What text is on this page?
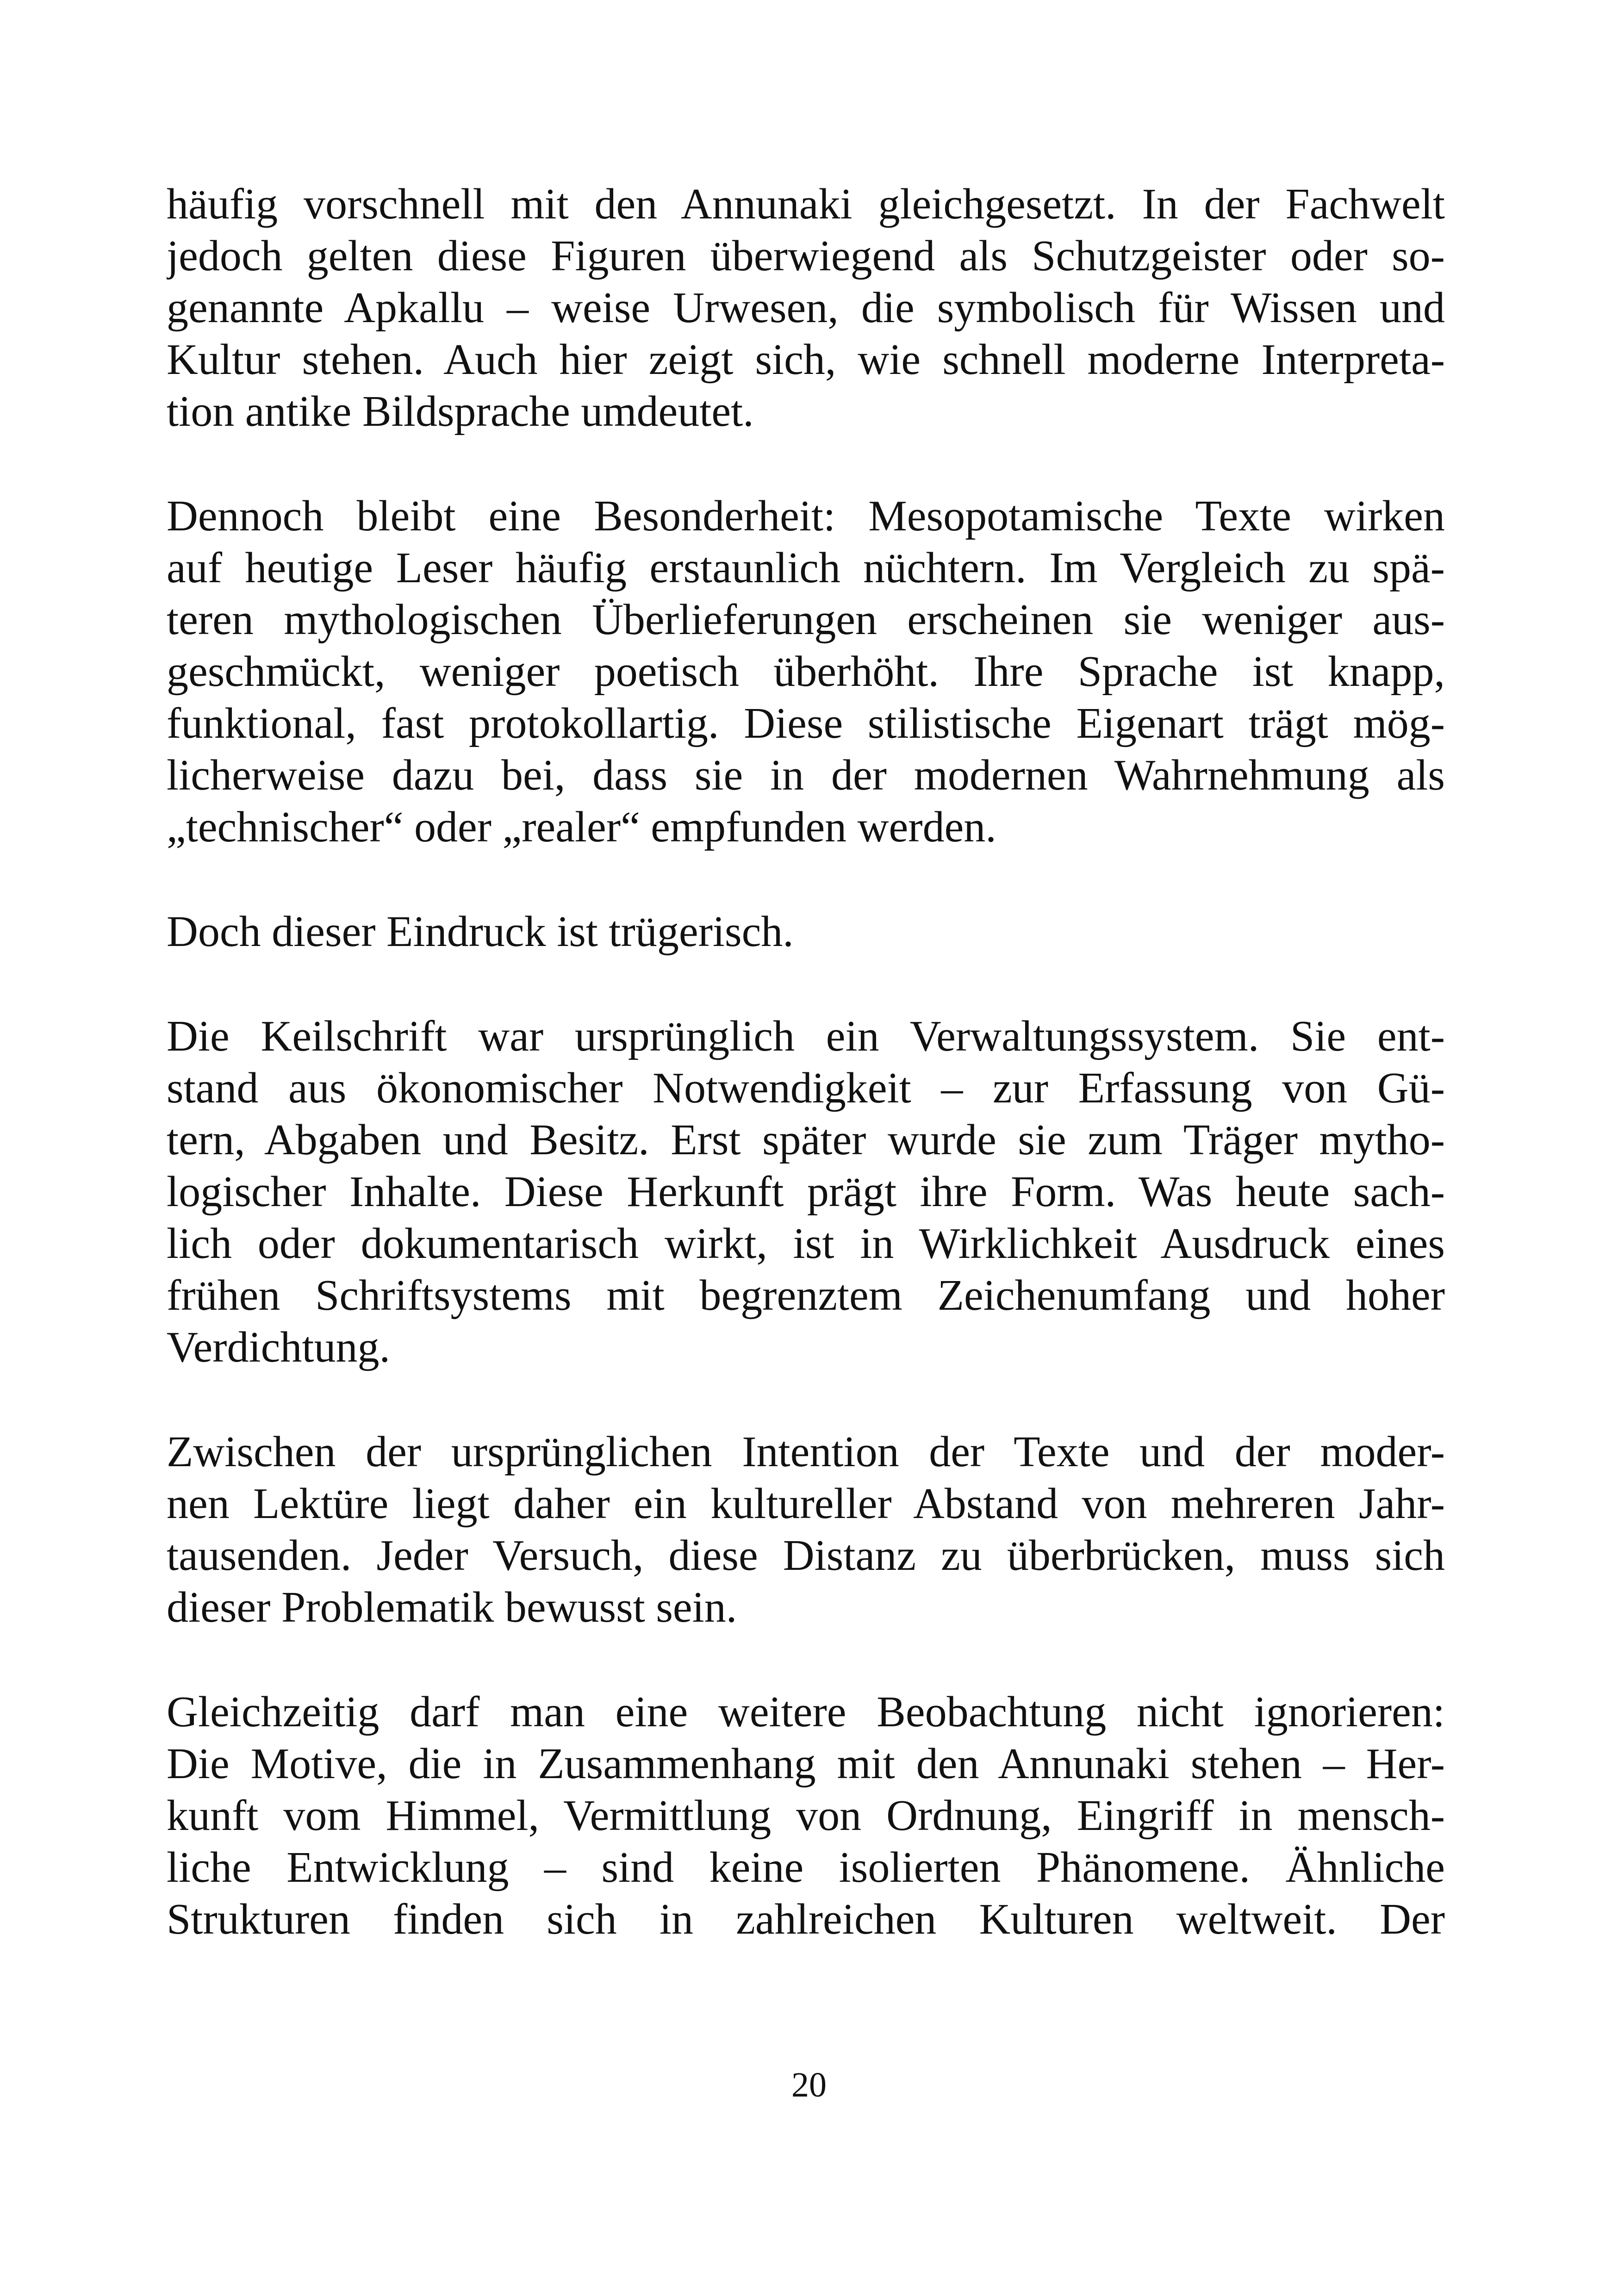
häufig vorschnell mit den Annunaki gleichgesetzt. In der Fachwelt
jedoch gelten diese Figuren überwiegend als Schutzgeister oder so-
genannte Apkallu – weise Urwesen, die symbolisch für Wissen und
Kultur stehen. Auch hier zeigt sich, wie schnell moderne Interpreta-
tion antike Bildsprache umdeutet.

Dennoch bleibt eine Besonderheit: Mesopotamische Texte wirken
auf heutige Leser häufig erstaunlich nüchtern. Im Vergleich zu spä-
teren mythologischen Überlieferungen erscheinen sie weniger aus-
geschmückt, weniger poetisch überhöht. Ihre Sprache ist knapp,
funktional, fast protokollartig. Diese stilistische Eigenart trägt mög-
licherweise dazu bei, dass sie in der modernen Wahrnehmung als
„technischer“ oder „realer“ empfunden werden.

Doch dieser Eindruck ist trügerisch.

Die Keilschrift war ursprünglich ein Verwaltungssystem. Sie ent-
stand aus ökonomischer Notwendigkeit – zur Erfassung von Gü-
tern, Abgaben und Besitz. Erst später wurde sie zum Träger mytho-
logischer Inhalte. Diese Herkunft prägt ihre Form. Was heute sach-
lich oder dokumentarisch wirkt, ist in Wirklichkeit Ausdruck eines
frühen Schriftsystems mit begrenztem Zeichenumfang und hoher
Verdichtung.

Zwischen der ursprünglichen Intention der Texte und der moder-
nen Lektüre liegt daher ein kultureller Abstand von mehreren Jahr-
tausenden. Jeder Versuch, diese Distanz zu überbrücken, muss sich
dieser Problematik bewusst sein.

Gleichzeitig darf man eine weitere Beobachtung nicht ignorieren:
Die Motive, die in Zusammenhang mit den Annunaki stehen – Her-
kunft vom Himmel, Vermittlung von Ordnung, Eingriff in mensch-
liche Entwicklung – sind keine isolierten Phänomene. Ähnliche
Strukturen finden sich in zahlreichen Kulturen weltweit. Der

20
